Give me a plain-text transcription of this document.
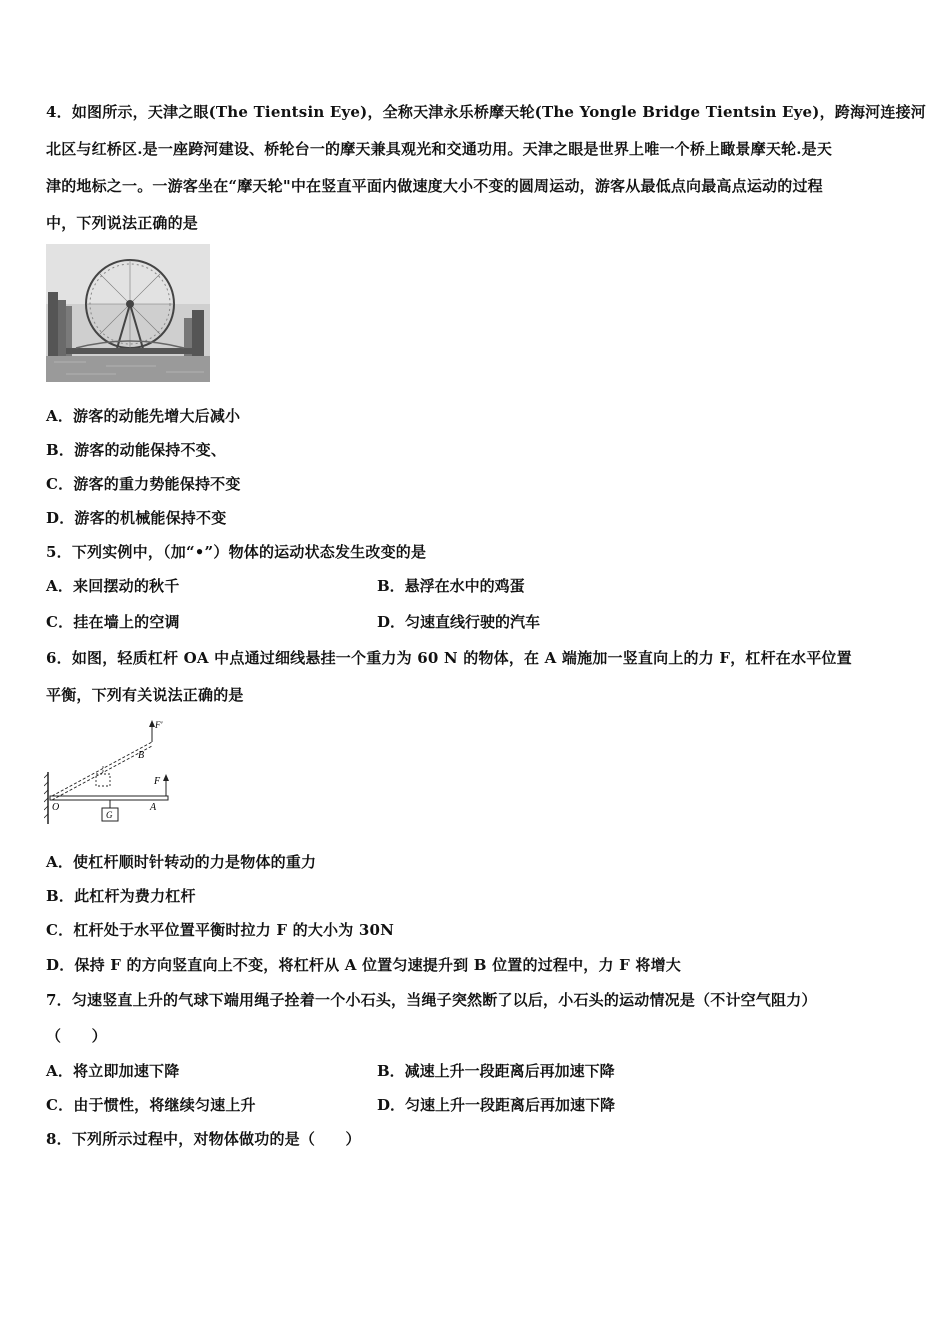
4．如图所示，天津之眼(The Tientsin Eye)，全称天津永乐桥摩天轮(The Yongle Bridge Tientsin Eye)，跨海河连接河
北区与红桥区.是一座跨河建设、桥轮台一的摩天兼具观光和交通功用。天津之眼是世界上唯一个桥上瞰景摩天轮.是天
津的地标之一。一游客坐在“摩天轮"中在竖直平面内做速度大小不变的圆周运动，游客从最低点向最高点运动的过程
中，下列说法正确的是
A．游客的动能先增大后减小
B．游客的动能保持不变、
C．游客的重力势能保持不变
D．游客的机械能保持不变
5．下列实例中，（加“•”）物体的运动状态发生改变的是
A．来回摆动的秋千	B．悬浮在水中的鸡蛋
C．挂在墙上的空调	D．匀速直线行驶的汽车
6．如图，轻质杠杆 OA 中点通过细线悬挂一个重力为 60 N 的物体，在 A 端施加一竖直向上的力 F，杠杆在水平位置
平衡，下列有关说法正确的是
O	A
B
F
F'
G
A．使杠杆顺时针转动的力是物体的重力
B．此杠杆为费力杠杆
C．杠杆处于水平位置平衡时拉力 F 的大小为 30N
D．保持 F 的方向竖直向上不变，将杠杆从 A 位置匀速提升到 B 位置的过程中，力 F 将增大
7．匀速竖直上升的气球下端用绳子拴着一个小石头，当绳子突然断了以后，小石头的运动情况是（不计空气阻力）
（　　）
A．将立即加速下降	B．减速上升一段距离后再加速下降
C．由于惯性，将继续匀速上升	D．匀速上升一段距离后再加速下降
8．下列所示过程中，对物体做功的是（　　）
